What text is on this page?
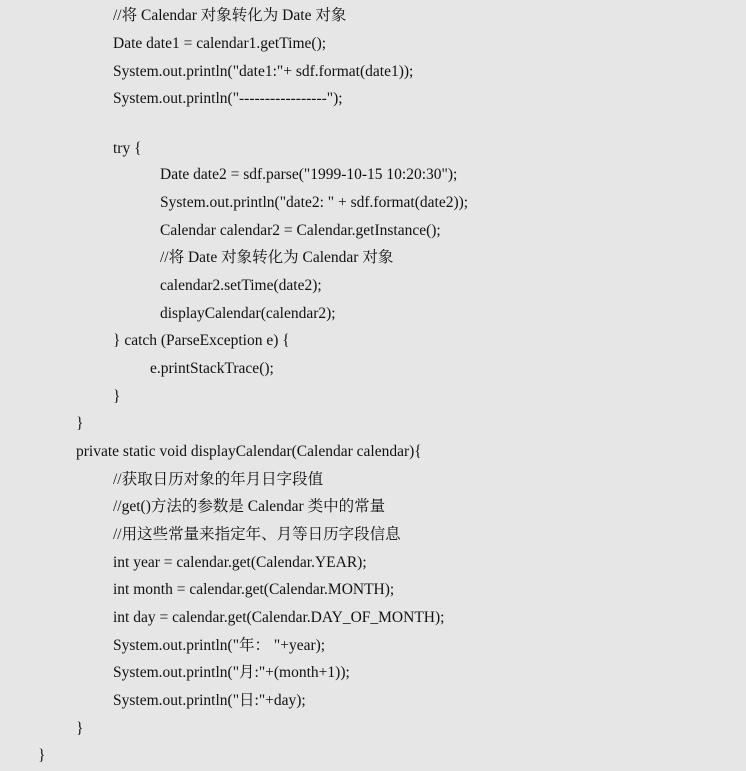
//将 Calendar 对象转化为 Date 对象
Date date1 = calendar1.getTime();
System.out.println("date1:"+ sdf.format(date1));
System.out.println("-----------------");
try {
Date date2 = sdf.parse("1999-10-15 10:20:30");
System.out.println("date2: " + sdf.format(date2));
Calendar calendar2 = Calendar.getInstance();
//将 Date 对象转化为 Calendar 对象
calendar2.setTime(date2);
displayCalendar(calendar2);
} catch (ParseException e) {
e.printStackTrace();
}
}
private static void displayCalendar(Calendar calendar){
//获取日历对象的年月日字段值
//get()方法的参数是 Calendar 类中的常量
//用这些常量来指定年、月等日历字段信息
int year = calendar.get(Calendar.YEAR);
int month = calendar.get(Calendar.MONTH);
int day = calendar.get(Calendar.DAY_OF_MONTH);
System.out.println("年： "+year);
System.out.println("月:"+(month+1));
System.out.println("日:"+day);
}
}
